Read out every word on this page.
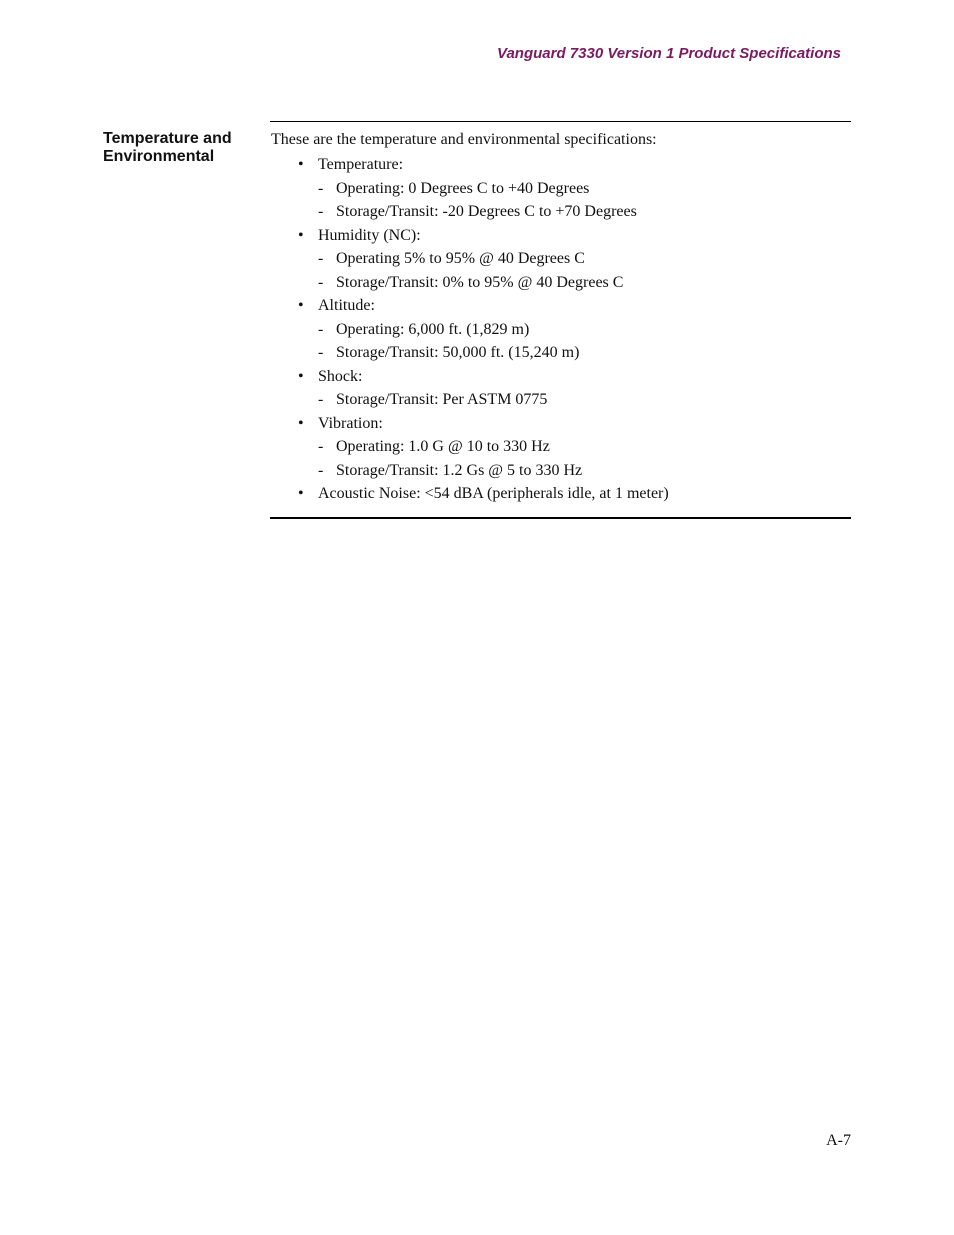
Vanguard 7330 Version 1 Product Specifications
Temperature and
Environmental

These are the temperature and environmental specifications:

• Temperature:
- Operating: 0 Degrees C to +40 Degrees
- Storage/Transit: -20 Degrees C to +70 Degrees
• Humidity (NC):
- Operating 5% to 95% @ 40 Degrees C
- Storage/Transit: 0% to 95% @ 40 Degrees C
• Altitude:
- Operating: 6,000 ft. (1,829 m)
- Storage/Transit: 50,000 ft. (15,240 m)
• Shock:
- Storage/Transit: Per ASTM 0775
• Vibration:
- Operating: 1.0 G @ 10 to 330 Hz
- Storage/Transit: 1.2 Gs @ 5 to 330 Hz
• Acoustic Noise: <54 dBA (peripherals idle, at 1 meter)
A-7
